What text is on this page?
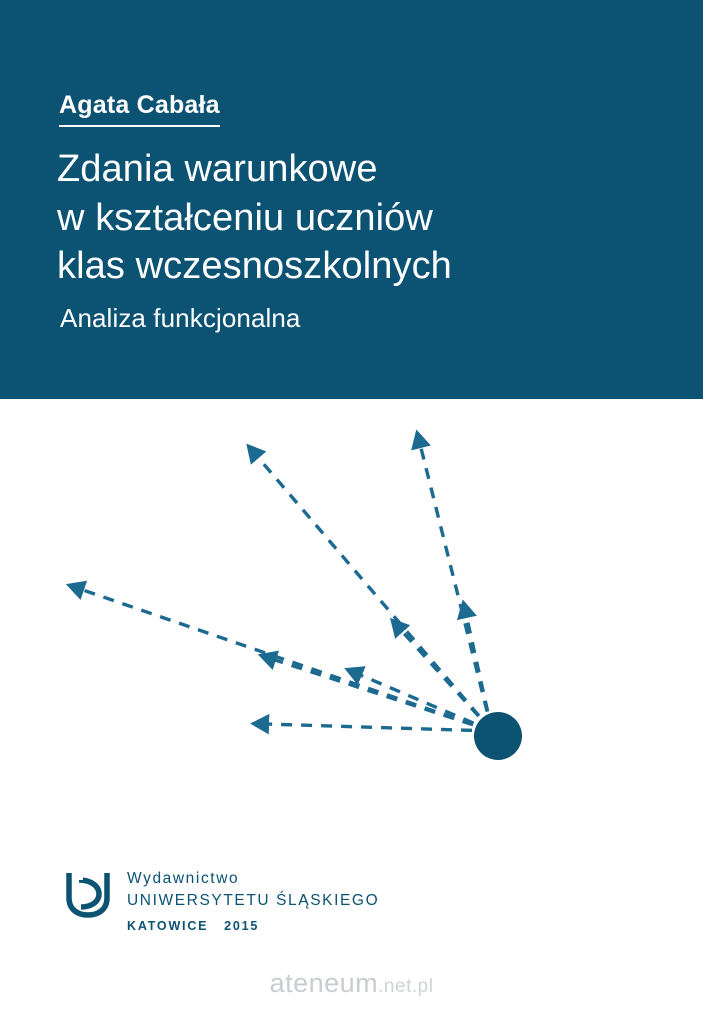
Agata Cabała
Zdania warunkowe
w kształceniu uczniów
klas wczesnoszkolnych
Analiza funkcjonalna
Wydawnictwo
UNIWERSYTETU ŚLĄSKIEGO
KATOWICE 2015
ateneum.net.pl
